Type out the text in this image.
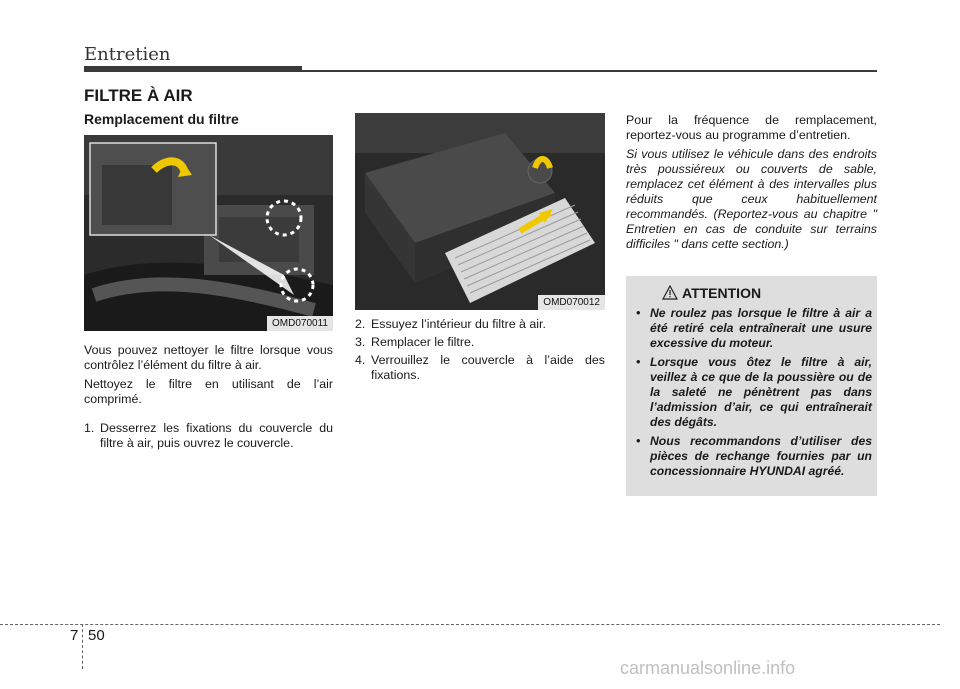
Entretien
FILTRE À AIR
Remplacement du filtre
OMD070011

Vous pouvez nettoyer le filtre lorsque vous contrôlez l’élément du filtre à air.

Nettoyez le filtre en utilisant de l’air comprimé.

1. Desserrez les fixations du couvercle du filtre à air, puis ouvrez le couvercle.
OMD070012
2. Essuyez l’intérieur du filtre à air.
3. Remplacer le filtre.
4. Verrouillez le couvercle à l’aide des fixations.

Pour la fréquence de remplacement, reportez-vous au programme d’entretien.

Si vous utilisez le véhicule dans des endroits très poussiéreux ou couverts de sable, remplacez cet élément à des intervalles plus réduits que ceux habituellement recommandés. (Reportez-vous au chapitre " Entretien en cas de conduite sur terrains difficiles " dans cette section.)

ATTENTION
• Ne roulez pas lorsque le filtre à air a été retiré cela entraînerait une usure excessive du moteur.
• Lorsque vous ôtez le filtre à air, veillez à ce que de la poussière ou de la saleté ne pénètrent pas dans l’admission d’air, ce qui entraînerait des dégâts.
• Nous recommandons d’utiliser des pièces de rechange fournies par un concessionnaire HYUNDAI agréé.
7 50
carmanualsonline.info
